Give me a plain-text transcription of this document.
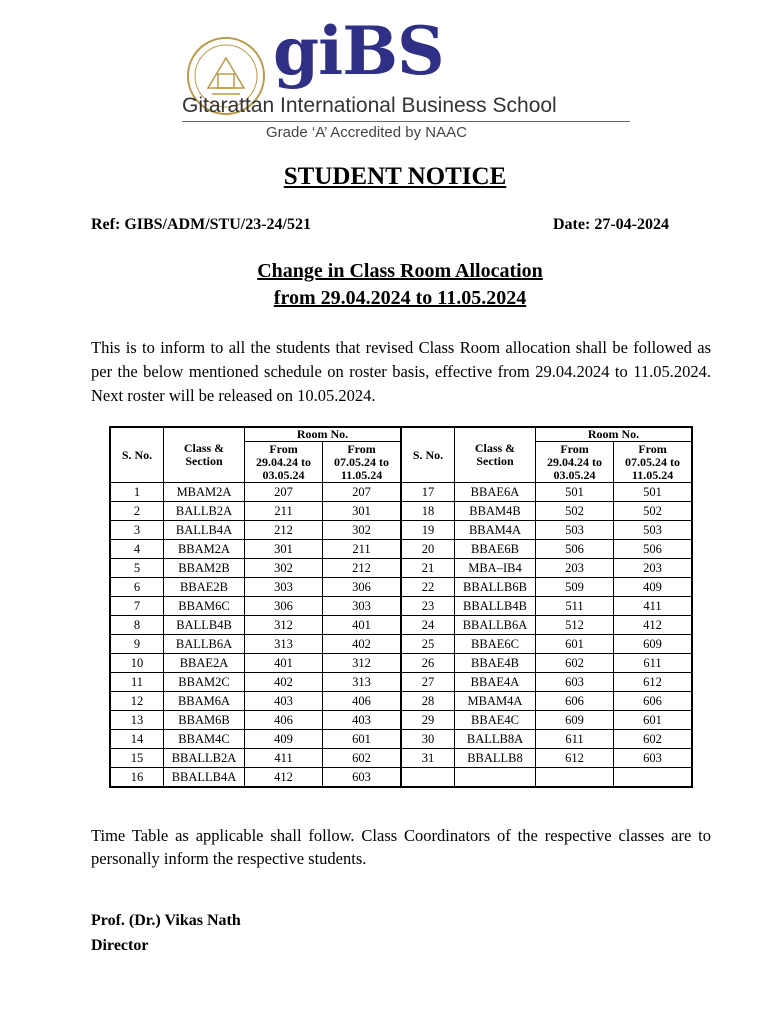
giBS
Gitarattan International Business School
Grade ‘A’ Accredited by NAAC
STUDENT NOTICE
Ref: GIBS/ADM/STU/23-24/521	Date: 27-04-2024
Change in Class Room Allocation
from 29.04.2024 to 11.05.2024
This is to inform to all the students that revised Class Room allocation shall be followed as per the below mentioned schedule on roster basis, effective from 29.04.2024 to 11.05.2024. Next roster will be released on 10.05.2024.
S. No.	Class & Section	Room No.		S. No.	Class & Section	Room No.	
		From 29.04.24 to 03.05.24	From 07.05.24 to 11.05.24			From 29.04.24 to 03.05.24	From 07.05.24 to 11.05.24
1	MBAM2A	207	207	17	BBAE6A	501	501
2	BALLB2A	211	301	18	BBAM4B	502	502
3	BALLB4A	212	302	19	BBAM4A	503	503
4	BBAM2A	301	211	20	BBAE6B	506	506
5	BBAM2B	302	212	21	MBA–IB4	203	203
6	BBAE2B	303	306	22	BBALLB6B	509	409
7	BBAM6C	306	303	23	BBALLB4B	511	411
8	BALLB4B	312	401	24	BBALLB6A	512	412
9	BALLB6A	313	402	25	BBAE6C	601	609
10	BBAE2A	401	312	26	BBAE4B	602	611
11	BBAM2C	402	313	27	BBAE4A	603	612
12	BBAM6A	403	406	28	MBAM4A	606	606
13	BBAM6B	406	403	29	BBAE4C	609	601
14	BBAM4C	409	601	30	BALLB8A	611	602
15	BBALLB2A	411	602	31	BBALLB8	612	603
16	BBALLB4A	412	603				
Time Table as applicable shall follow. Class Coordinators of the respective classes are to personally inform the respective students.
Prof. (Dr.) Vikas Nath
Director
